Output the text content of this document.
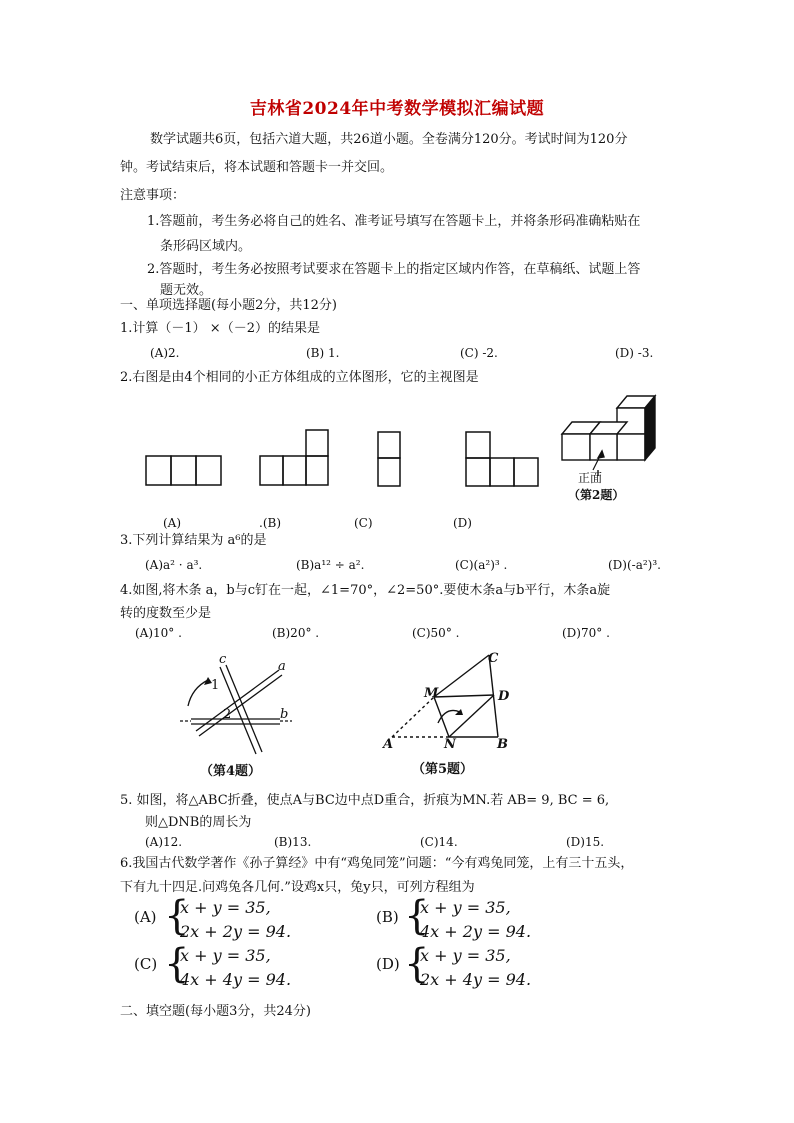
吉林省2024年中考数学模拟汇编试题
数学试题共6页，包括六道大题，共26道小题。全卷满分120分。考试时间为120分
钟。考试结束后，将本试题和答题卡一并交回。
注意事项：
1.答题前，考生务必将自己的姓名、准考证号填写在答题卡上，并将条形码准确粘贴在
条形码区域内。
2.答题时，考生务必按照考试要求在答题卡上的指定区域内作答，在草稿纸、试题上答
题无效。
一、单项选择题(每小题2分，共12分)
1.计算（－1） ×（－2）的结果是
(A)2.	(B) 1.	(C) -2.	(D) -3.
2.右图是由4个相同的小正方体组成的立体图形，它的主视图是
正面
（第2题）
(A)	.(B)	(C)	(D)
3.下列计算结果为 a⁶的是
(A)a² · a³.	(B)a¹² ÷ a².	(C)(a²)³ .	(D)(-a²)³.
4.如图,将木条 a，b与c钉在一起，∠1=70°，∠2=50°.要使木条a与b平行，木条a旋
转的度数至少是
(A)10° .	(B)20° .	(C)50° .	(D)70° .
c	a
b
1
2
（第4题）
C
M	D
A	N	B
（第5题）
5. 如图，将△ABC折叠，使点A与BC边中点D重合，折痕为MN.若 AB= 9, BC = 6,
则△DNB的周长为
(A)12.	(B)13.	(C)14.	(D)15.
6.我国古代数学著作《孙子算经》中有“鸡兔同笼”问题：“今有鸡兔同笼，上有三十五头，
下有九十四足.问鸡兔各几何.”设鸡x只，兔y只，可列方程组为
(A) {
x + y = 35,
2x + 2y = 94.
(B) {
x + y = 35,
4x + 2y = 94.
(C) {
x + y = 35,
4x + 4y = 94.
(D) {
x + y = 35,
2x + 4y = 94.
二、填空题(每小题3分，共24分)
